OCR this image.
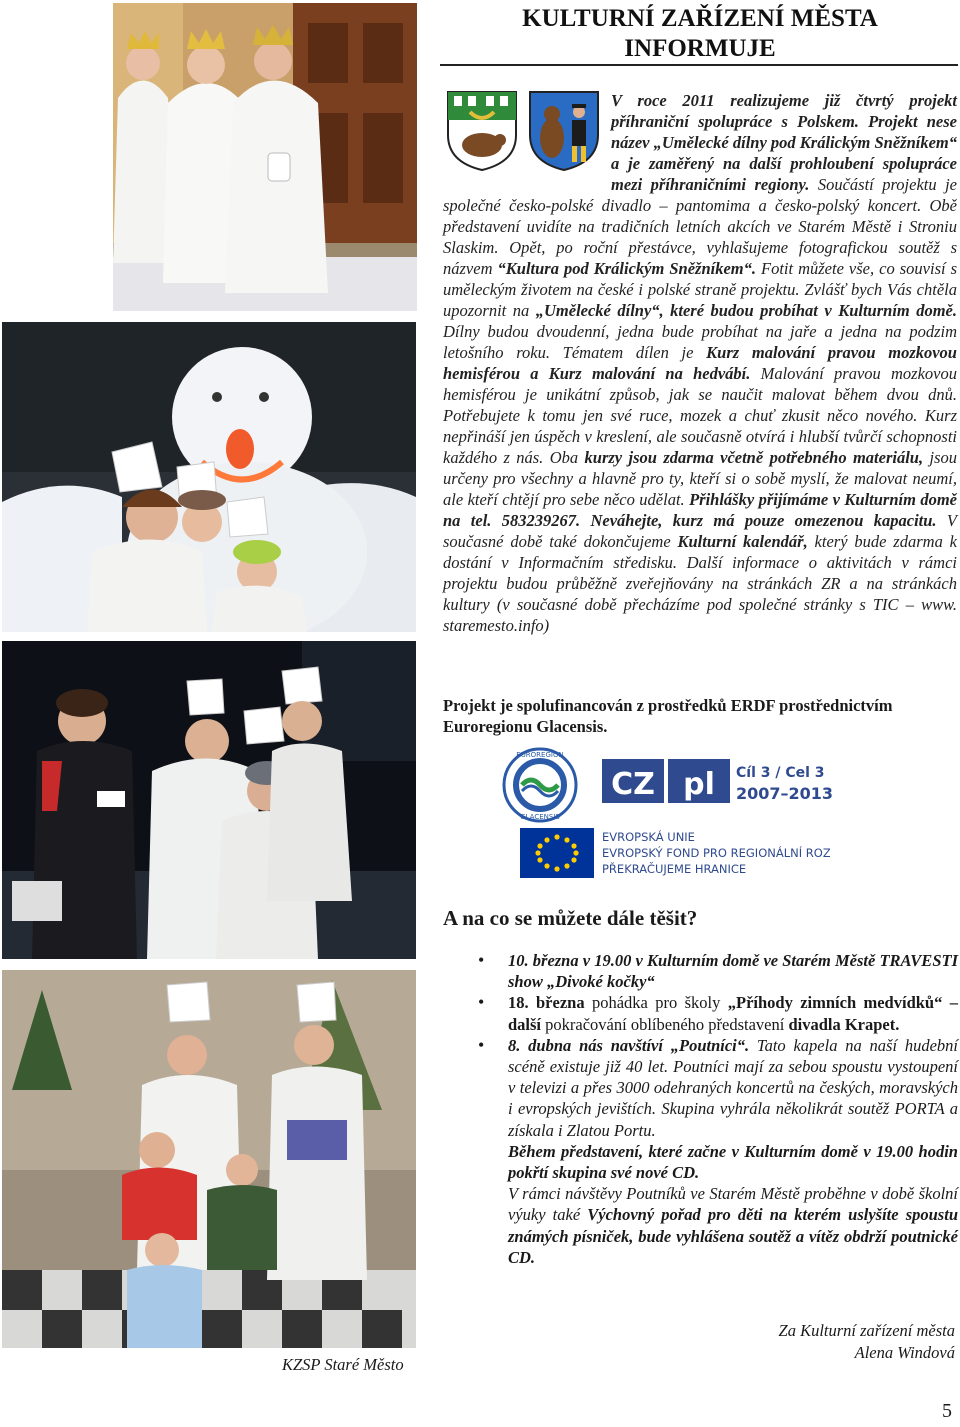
KULTURNÍ ZAŘÍZENÍ MĚSTA
INFORMUJE
V roce 2011 realizujeme již čtvrtý projekt příhraniční spolupráce s Polskem. Projekt nese název „Umělecké dílny pod Králickým Sněžníkem“ a je zaměřený na další prohloubení spolupráce mezi příhraničními regiony. Součástí projektu je společné česko-polské divadlo – pantomima a česko-polský koncert. Obě představení uvidíte na tradičních letních akcích ve Starém Městě i Stroniu Slaskim. Opět, po roční přestávce, vyhlašujeme fotografickou soutěž s názvem “Kultura pod Králickým Sněžníkem“. Fotit můžete vše, co souvisí s uměleckým životem na české i polské straně projektu. Zvlášť bych Vás chtěla upozornit na „Umělecké dílny“, které budou probíhat v Kulturním domě. Dílny budou dvoudenní, jedna bude probíhat na jaře a jedna na podzim letošního roku. Tématem dílen je Kurz malování pravou mozkovou hemisférou a Kurz malování na hedvábí. Malování pravou mozkovou hemisférou je unikátní způsob, jak se naučit malovat během dvou dnů. Potřebujete k tomu jen své ruce, mozek a chuť zkusit něco nového. Kurz nepřináší jen úspěch v kreslení, ale současně otvírá i hlubší tvůrčí schopnosti každého z nás. Oba kurzy jsou zdarma včetně potřebného materiálu, jsou určeny pro všechny a hlavně pro ty, kteří si o sobě myslí, že malovat neumí, ale kteří chtějí pro sebe něco udělat. Přihlášky přijímáme v Kulturním domě na tel. 583239267. Neváhejte, kurz má pouze omezenou kapacitu. V současné době také dokončujeme Kulturní kalendář, který bude zdarma k dostání v Informačním středisku. Další informace o aktivitách v rámci projektu budou průběžně zveřejňovány na stránkách ZR a na stránkách kultury (v současné době přecházíme pod společné stránky s TIC – www. staremesto.info)
Projekt je spolufinancován z prostředků ERDF prostřednictvím Euroregionu Glacensis.
EUROREGION
GLACENSIS
CZ pl Cíl 3 / Cel 3
2007–2013
EVROPSKÁ UNIE
EVROPSKÝ FOND PRO REGIONÁLNÍ ROZVOJ
PŘEKRAČUJEME HRANICE
A na co se můžete dále těšit?
• 10. března v 19.00 v Kulturním domě ve Starém Městě TRAVESTI show „Divoké kočky“
• 18. března pohádka pro školy „Příhody zimních medvídků“ – další pokračování oblíbeného představení divadla Krapet.
• 8. dubna nás navštíví „Poutníci“. Tato kapela na naší hudební scéně existuje již 40 let. Poutníci mají za sebou spoustu vystoupení v televizi a přes 3000 odehraných koncertů na českých, moravských i evropských jevištích. Skupina vyhrála několikrát soutěž PORTA a získala i Zlatou Portu.
Během představení, které začne v Kulturním domě v 19.00 hodin pokřtí skupina své nové CD.
V rámci návštěvy Poutníků ve Starém Městě proběhne v době školní výuky také Výchovný pořad pro děti na kterém uslyšíte spoustu známých písniček, bude vyhlášena soutěž a vítěz obdrží poutnické CD.
Za Kulturní zařízení města
Alena Windová
KZSP Staré Město
5
